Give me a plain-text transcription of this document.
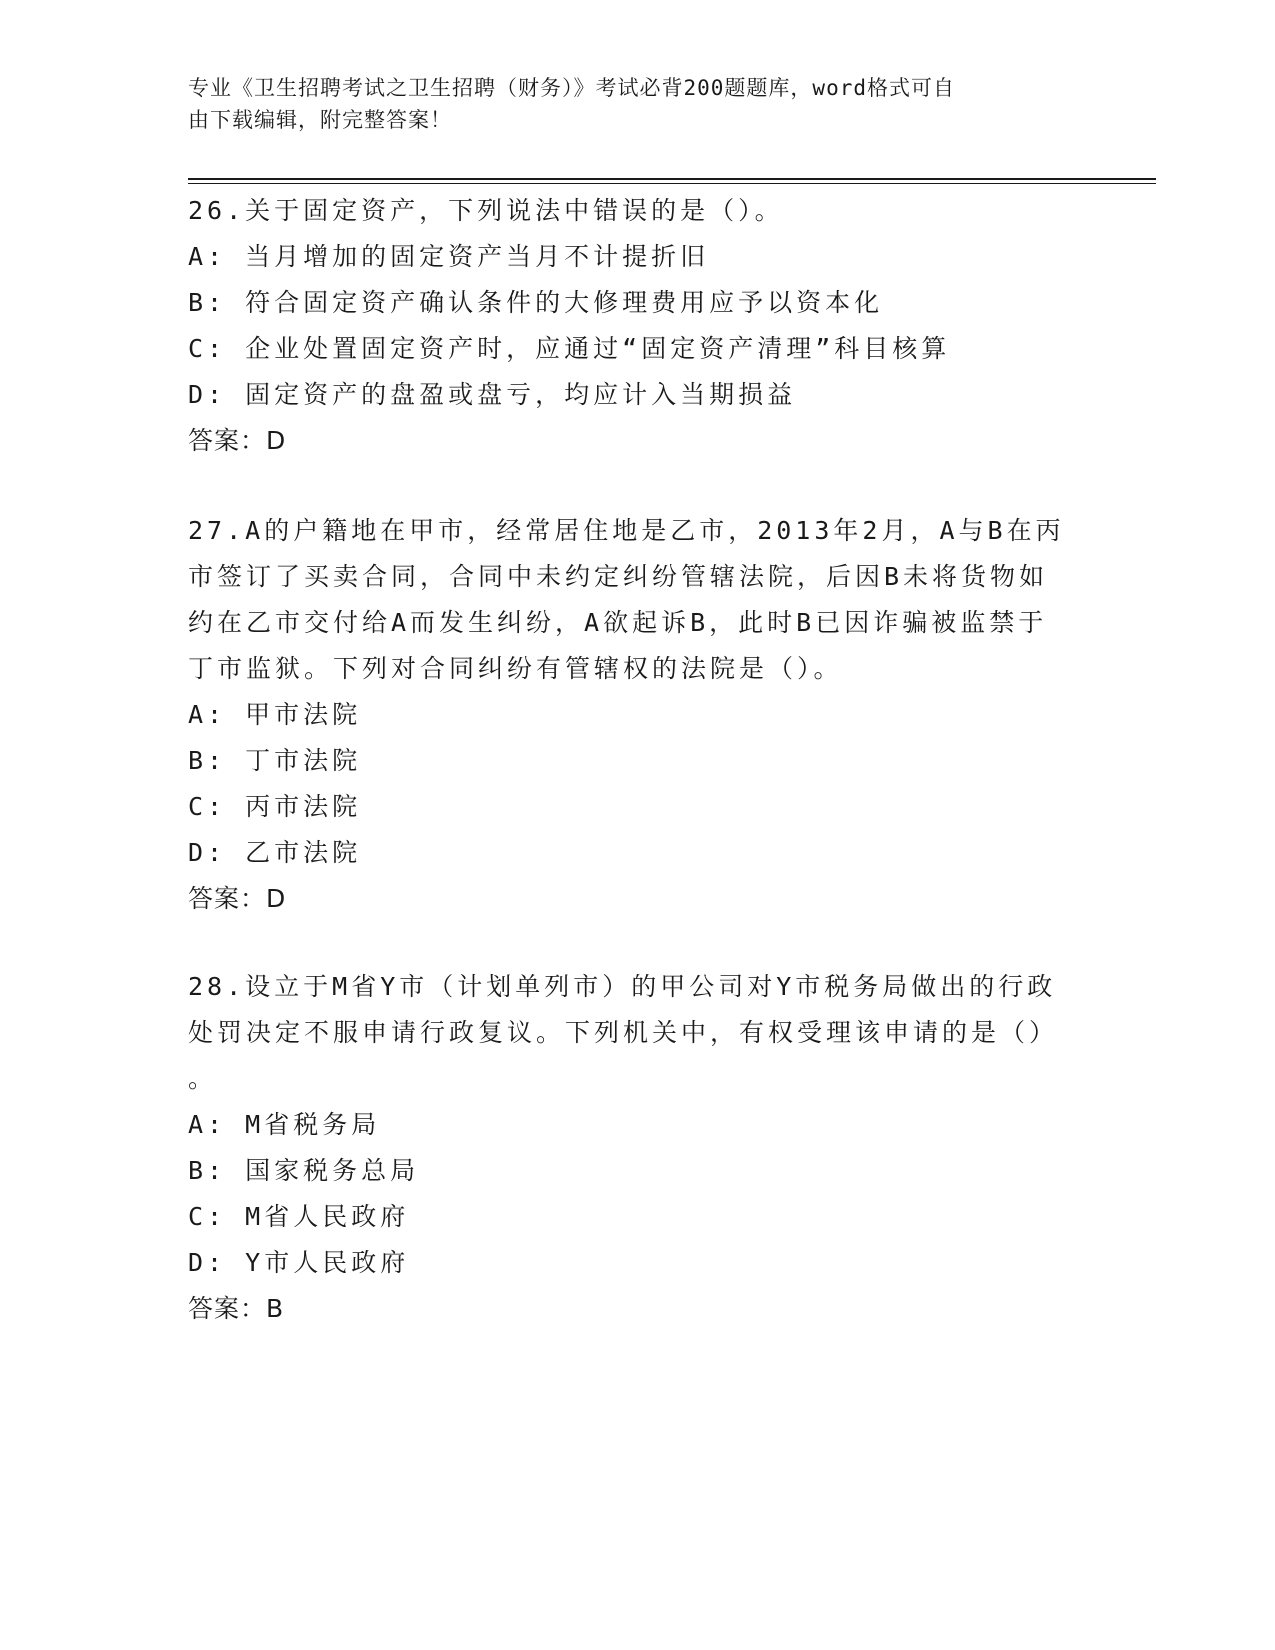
专业《卫生招聘考试之卫生招聘（财务）》考试必背200题题库，word格式可自
由下载编辑，附完整答案！
26.关于固定资产，下列说法中错误的是（）。
A: 当月增加的固定资产当月不计提折旧
B: 符合固定资产确认条件的大修理费用应予以资本化
C: 企业处置固定资产时，应通过“固定资产清理”科目核算
D: 固定资产的盘盈或盘亏，均应计入当期损益
答案：D
27.A的户籍地在甲市，经常居住地是乙市，2013年2月，A与B在丙
市签订了买卖合同，合同中未约定纠纷管辖法院，后因B未将货物如
约在乙市交付给A而发生纠纷，A欲起诉B，此时B已因诈骗被监禁于
丁市监狱。下列对合同纠纷有管辖权的法院是（）。
A: 甲市法院
B: 丁市法院
C: 丙市法院
D: 乙市法院
答案：D
28.设立于M省Y市（计划单列市）的甲公司对Y市税务局做出的行政
处罚决定不服申请行政复议。下列机关中，有权受理该申请的是（）
。
A: M省税务局
B: 国家税务总局
C: M省人民政府
D: Y市人民政府
答案：B
